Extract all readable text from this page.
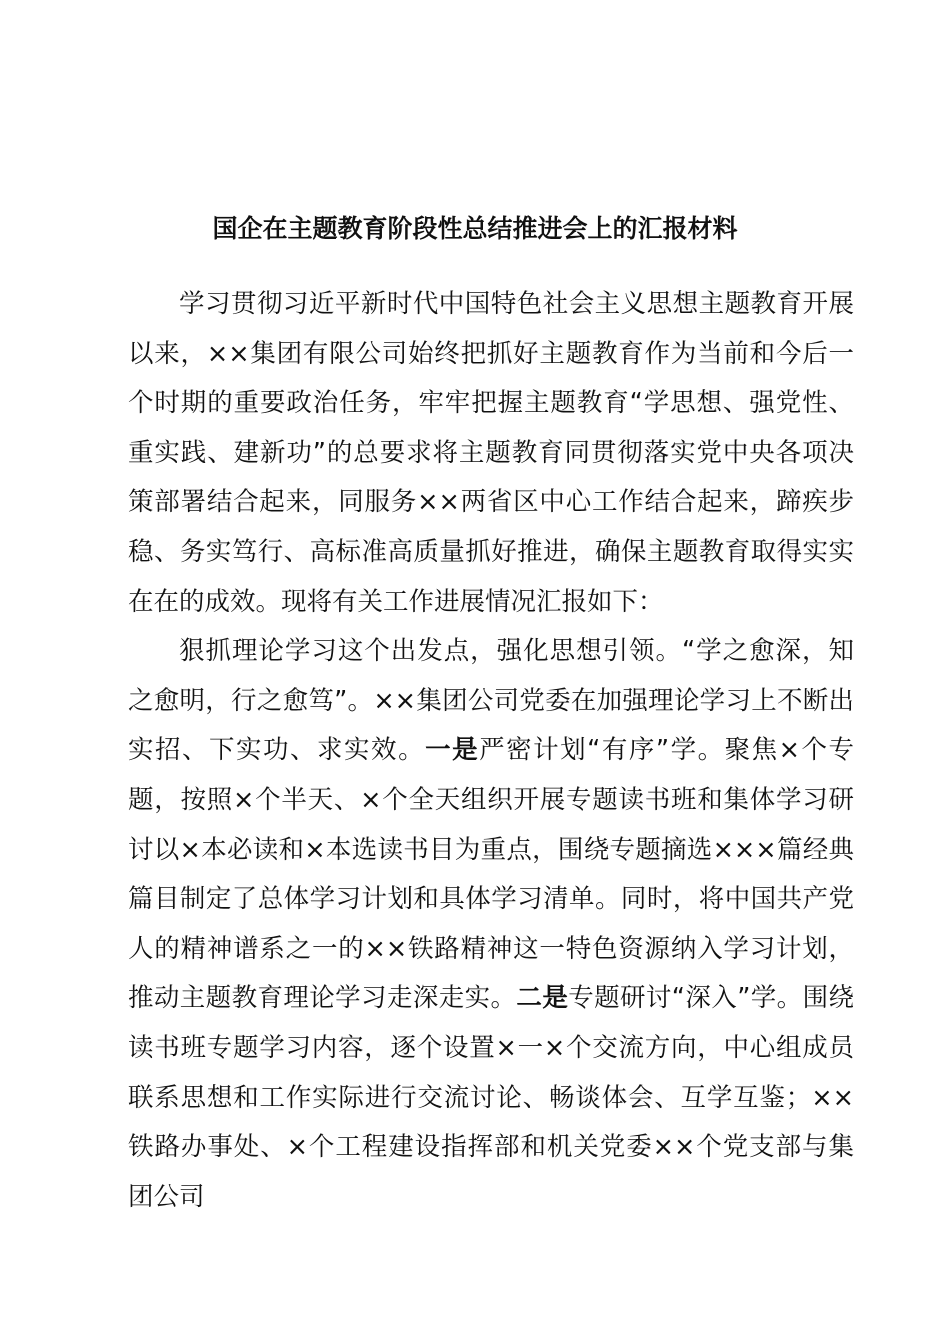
国企在主题教育阶段性总结推进会上的汇报材料

学习贯彻习近平新时代中国特色社会主义思想主题教育开展以来，××集团有限公司始终把抓好主题教育作为当前和今后一个时期的重要政治任务，牢牢把握主题教育“学思想、强党性、重实践、建新功”的总要求将主题教育同贯彻落实党中央各项决策部署结合起来，同服务××两省区中心工作结合起来，蹄疾步稳、务实笃行、高标准高质量抓好推进，确保主题教育取得实实在在的成效。现将有关工作进展情况汇报如下：

狠抓理论学习这个出发点，强化思想引领。“学之愈深，知之愈明，行之愈笃”。××集团公司党委在加强理论学习上不断出实招、下实功、求实效。一是严密计划“有序”学。聚焦×个专题，按照×个半天、×个全天组织开展专题读书班和集体学习研讨以×本必读和×本选读书目为重点，围绕专题摘选×××篇经典篇目制定了总体学习计划和具体学习清单。同时，将中国共产党人的精神谱系之一的××铁路精神这一特色资源纳入学习计划，推动主题教育理论学习走深走实。二是专题研讨“深入”学。围绕读书班专题学习内容，逐个设置×一×个交流方向，中心组成员联系思想和工作实际进行交流讨论、畅谈体会、互学互鉴；××铁路办事处、×个工程建设指挥部和机关党委××个党支部与集团公司
